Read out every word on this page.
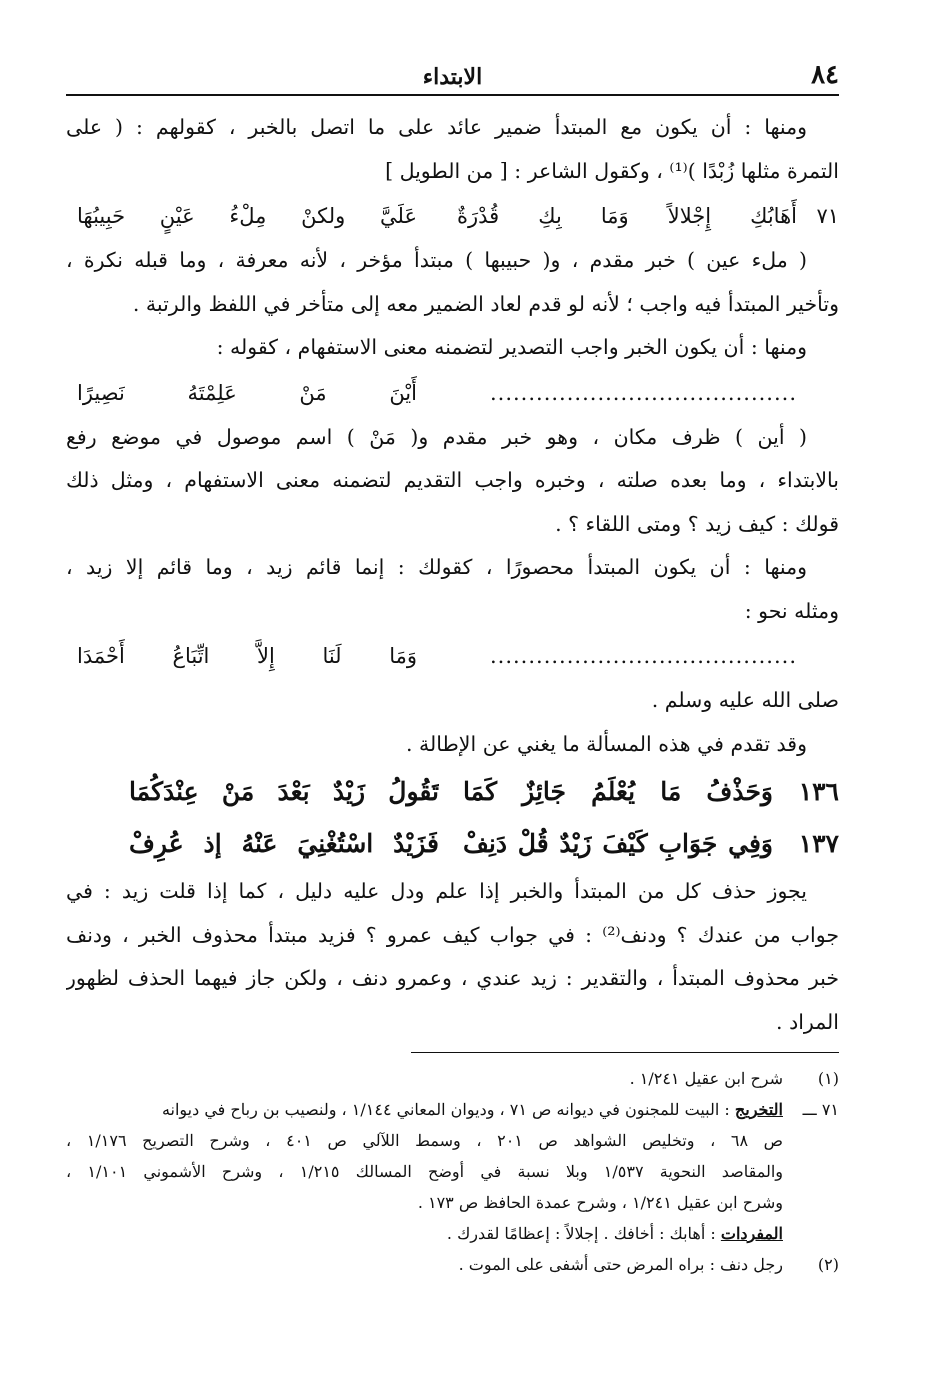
٨٤
الابتداء
ومنها : أن يكون مع المبتدأ ضمير عائد على ما اتصل بالخبر ، كقولهم : ( على
التمرة مثلها زُبْدًا )⁽¹⁾ ، وكقول الشاعر : [ من الطويل ]
٧١
أَهَابُكِ إِجْلالاً وَمَا بِكِ قُدْرَةٌ
عَلَيَّ ولكنْ مِلْءُ عَيْنٍ حَبِيبُهَا
( ملء عين ) خبر مقدم ، و( حبيبها ) مبتدأ مؤخر ، لأنه معرفة ، وما قبله نكرة ،
وتأخير المبتدأ فيه واجب ؛ لأنه لو قدم لعاد الضمير معه إلى متأخر في اللفظ والرتبة .
ومنها : أن يكون الخبر واجب التصدير لتضمنه معنى الاستفهام ، كقوله :
........................................
أَيْنَ مَنْ عَلِمْتَهُ نَصِيرًا
( أين ) ظرف مكان ، وهو خبر مقدم و( مَنْ ) اسم موصول في موضع رفع
بالابتداء ، وما بعده صلته ، وخبره واجب التقديم لتضمنه معنى الاستفهام ، ومثل ذلك
قولك : كيف زيد ؟ ومتى اللقاء ؟ .
ومنها : أن يكون المبتدأ محصورًا ، كقولك : إنما قائم زيد ، وما قائم إلا زيد ،
ومثله نحو :
........................................
وَمَا لَنَا إِلاَّ اتِّبَاعُ أَحْمَدَا
صلى الله عليه وسلم .
وقد تقدم في هذه المسألة ما يغني عن الإطالة .
١٣٦
وَحَذْفُ مَا يُعْلَمُ جَائِزٌ كَمَا
تَقُولُ زَيْدٌ بَعْدَ مَنْ عِنْدَكُمَا
١٣٧
وَفِي جَوَابِ كَيْفَ زَيْدٌ قُلْ دَنِفْ
فَزَيْدٌ اسْتُغْنِيَ عَنْهُ إذ عُرِفْ
يجوز حذف كل من المبتدأ والخبر إذا علم ودل عليه دليل ، كما إذا قلت زيد : في
جواب من عندك ؟ ودنف⁽²⁾ : في جواب كيف عمرو ؟ فزيد مبتدأ محذوف الخبر ، ودنف
خبر محذوف المبتدأ ، والتقدير : زيد عندي ، وعمرو دنف ، ولكن جاز فيهما الحذف لظهور
المراد .
(١)
شرح ابن عقيل ١/٢٤١ .
٧١ ـــ
التخريج : البيت للمجنون في ديوانه ص ٧١ ، وديوان المعاني ١/١٤٤ ، ولنصيب بن رباح في ديوانه
ص ٦٨ ، وتخليص الشواهد ص ٢٠١ ، وسمط اللآلي ص ٤٠١ ، وشرح التصريح ١/١٧٦ ،
والمقاصد النحوية ١/٥٣٧ وبلا نسبة في أوضح المسالك ١/٢١٥ ، وشرح الأشموني ١/١٠١ ،
وشرح ابن عقيل ١/٢٤١ ، وشرح عمدة الحافظ ص ١٧٣ .
المفردات : أهابك : أخافك . إجلالاً : إعظامًا لقدرك .
(٢)
رجل دنف : براه المرض حتى أشفى على الموت .
